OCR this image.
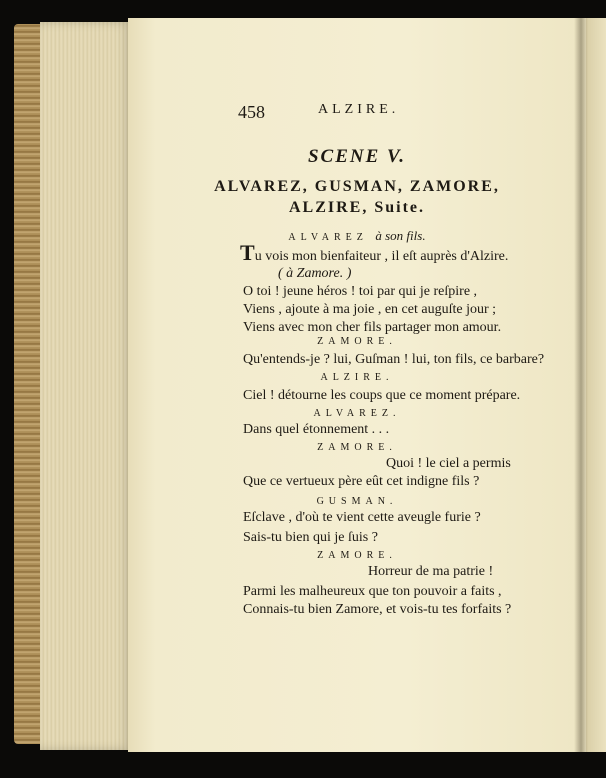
458	ALZIRE.
SCENE V.
ALVAREZ, GUSMAN, ZAMORE,
ALZIRE, Suite.
ALVAREZ à son fils.
Tu vois mon bienfaiteur , il eſt auprès d'Alzire.
( à Zamore. )
O toi ! jeune héros ! toi par qui je reſpire ,
Viens , ajoute à ma joie , en cet auguſte jour ;
Viens avec mon cher fils partager mon amour.
ZAMORE.
Qu'entends-je ? lui, Guſman ! lui, ton fils, ce barbare?
ALZIRE.
Ciel ! détourne les coups que ce moment prépare.
ALVAREZ.
Dans quel étonnement . . .
ZAMORE.
Quoi ! le ciel a permis
Que ce vertueux père eût cet indigne fils ?
GUSMAN.
Eſclave , d'où te vient cette aveugle furie ?
Sais-tu bien qui je ſuis ?
ZAMORE.
Horreur de ma patrie !
Parmi les malheureux que ton pouvoir a faits ,
Connais-tu bien Zamore, et vois-tu tes forfaits ?
